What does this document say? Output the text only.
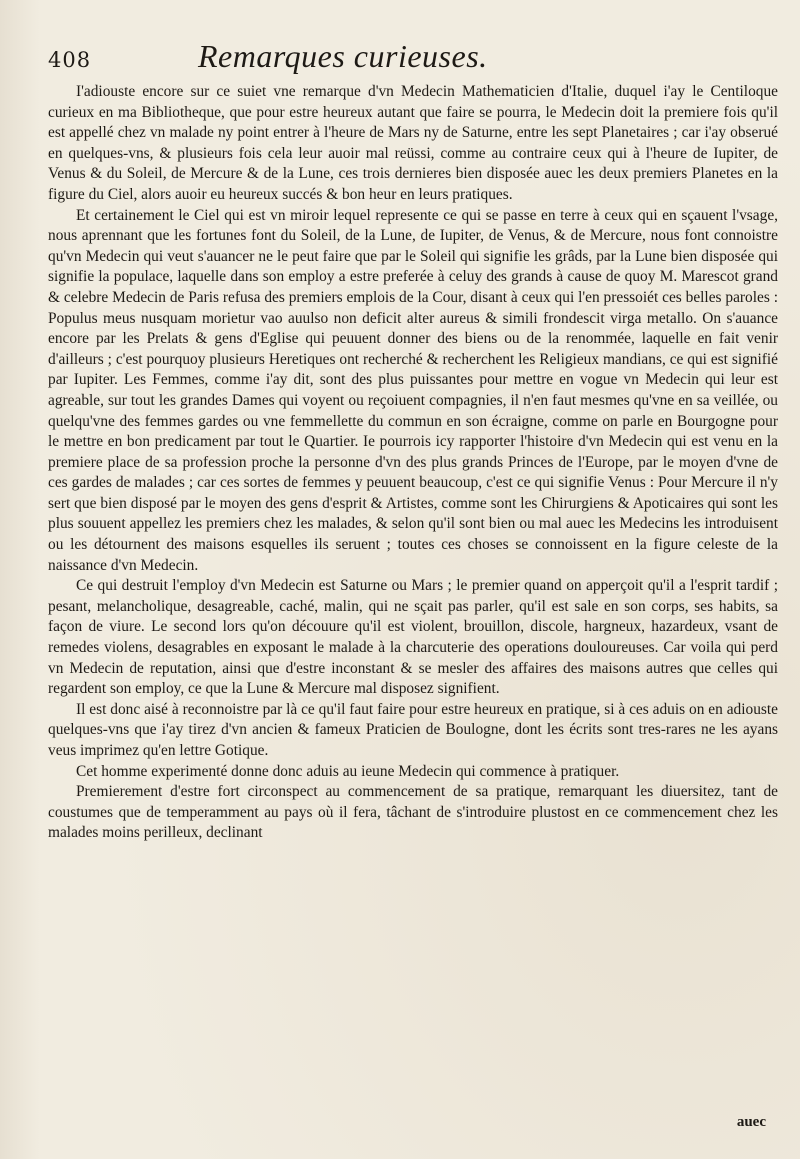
408	Remarques curieuses.

I'adiouste encore sur ce suiet vne remarque d'vn Medecin Mathematicien d'Italie, duquel i'ay le Centiloque curieux en ma Bibliotheque, que pour estre heureux autant que faire se pourra, le Medecin doit la premiere fois qu'il est appellé chez vn malade ny point entrer à l'heure de Mars ny de Saturne, entre les sept Planetaires ; car i'ay obserué en quelques-vns, & plusieurs fois cela leur auoir mal reüssi, comme au contraire ceux qui à l'heure de Iupiter, de Venus & du Soleil, de Mercure & de la Lune, ces trois dernieres bien disposée auec les deux premiers Planetes en la figure du Ciel, alors auoir eu heureux succés & bon heur en leurs pratiques.

Et certainement le Ciel qui est vn miroir lequel represente ce qui se passe en terre à ceux qui en sçauent l'vsage, nous aprennant que les fortunes font du Soleil, de la Lune, de Iupiter, de Venus, & de Mercure, nous font connoistre qu'vn Medecin qui veut s'auancer ne le peut faire que par le Soleil qui signifie les grâds, par la Lune bien disposée qui signifie la populace, laquelle dans son employ a estre preferée à celuy des grands à cause de quoy M. Marescot grand & celebre Medecin de Paris refusa des premiers emplois de la Cour, disant à ceux qui l'en pressoiét ces belles paroles : Populus meus nusquam morietur vao auulso non deficit alter aureus & simili frondescit virga metallo. On s'auance encore par les Prelats & gens d'Eglise qui peuuent donner des biens ou de la renommée, laquelle en fait venir d'ailleurs ; c'est pourquoy plusieurs Heretiques ont recherché & recherchent les Religieux mandians, ce qui est signifié par Iupiter. Les Femmes, comme i'ay dit, sont des plus puissantes pour mettre en vogue vn Medecin qui leur est agreable, sur tout les grandes Dames qui voyent ou reçoiuent compagnies, il n'en faut mesmes qu'vne en sa veillée, ou quelqu'vne des femmes gardes ou vne femmellette du commun en son écraigne, comme on parle en Bourgogne pour le mettre en bon predicament par tout le Quartier. Ie pourrois icy rapporter l'histoire d'vn Medecin qui est venu en la premiere place de sa profession proche la personne d'vn des plus grands Princes de l'Europe, par le moyen d'vne de ces gardes de malades ; car ces sortes de femmes y peuuent beaucoup, c'est ce qui signifie Venus : Pour Mercure il n'y sert que bien disposé par le moyen des gens d'esprit & Artistes, comme sont les Chirurgiens & Apoticaires qui sont les plus souuent appellez les premiers chez les malades, & selon qu'il sont bien ou mal auec les Medecins les introduisent ou les détournent des maisons esquelles ils seruent ; toutes ces choses se connoissent en la figure celeste de la naissance d'vn Medecin.

Ce qui destruit l'employ d'vn Medecin est Saturne ou Mars ; le premier quand on apperçoit qu'il a l'esprit tardif ; pesant, melancholique, desagreable, caché, malin, qui ne sçait pas parler, qu'il est sale en son corps, ses habits, sa façon de viure. Le second lors qu'on découure qu'il est violent, brouillon, discole, hargneux, hazardeux, vsant de remedes violens, desagrables en exposant le malade à la charcuterie des operations douloureuses. Car voila qui perd vn Medecin de reputation, ainsi que d'estre inconstant & se mesler des affaires des maisons autres que celles qui regardent son employ, ce que la Lune & Mercure mal disposez signifient.

Il est donc aisé à reconnoistre par là ce qu'il faut faire pour estre heureux en pratique, si à ces aduis on en adiouste quelques-vns que i'ay tirez d'vn ancien & fameux Praticien de Boulogne, dont les écrits sont tres-rares ne les ayans veus imprimez qu'en lettre Gotique.

Cet homme experimenté donne donc aduis au ieune Medecin qui commence à pratiquer.

Premierement d'estre fort circonspect au commencement de sa pratique, remarquant les diuersitez, tant de coustumes que de temperamment au pays où il fera, tâchant de s'introduire plustost en ce commencement chez les malades moins perilleux, declinant

auec
